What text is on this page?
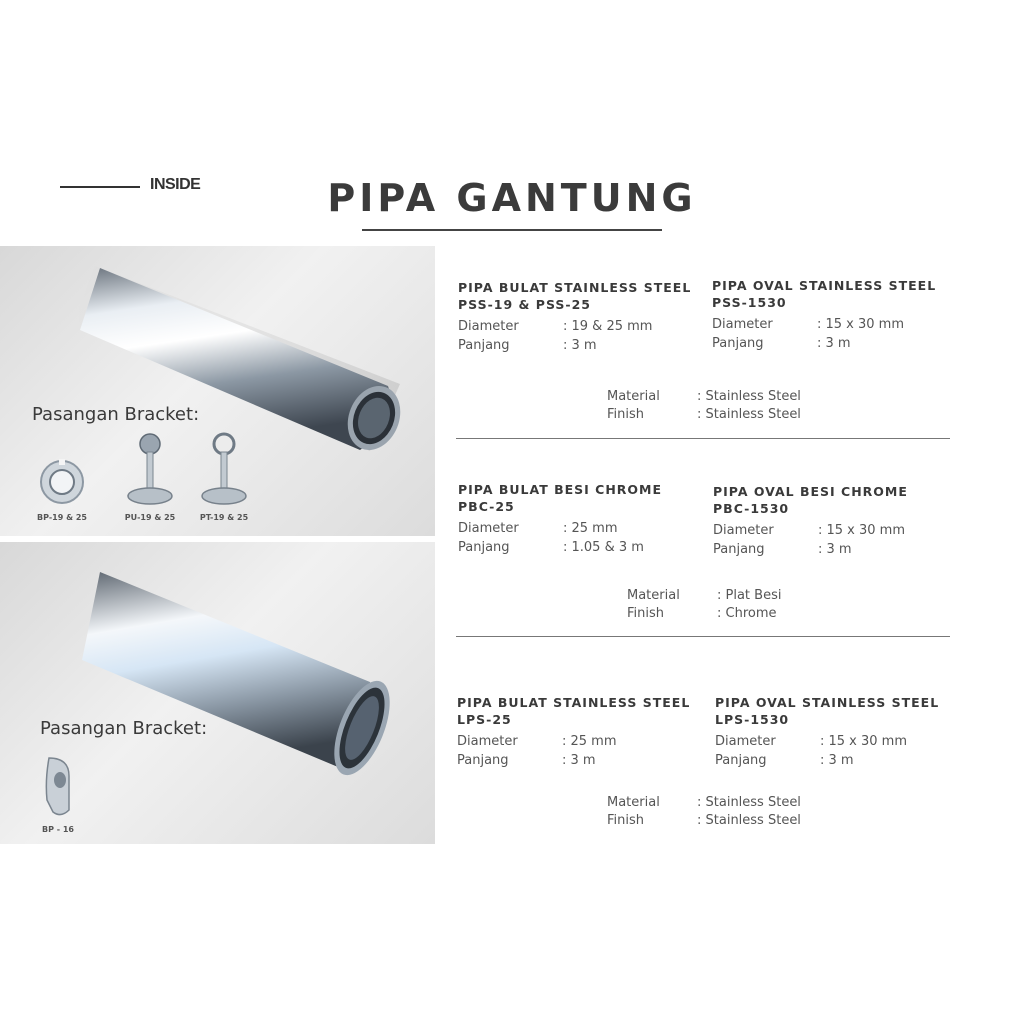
INSIDE	PIPA GANTUNG
Pasangan Bracket:
BP-19 & 25	PU-19 & 25	PT-19 & 25
Pasangan Bracket:
BP - 16
PIPA BULAT STAINLESS STEEL
PSS-19 & PSS-25
Diameter	: 19 & 25 mm
Panjang	: 3 m
PIPA OVAL STAINLESS STEEL
PSS-1530
Diameter	: 15 x 30 mm
Panjang	: 3 m
Material	: Stainless Steel
Finish	: Stainless Steel
PIPA BULAT BESI CHROME
PBC-25
Diameter	: 25 mm
Panjang	: 1.05 & 3 m
PIPA OVAL BESI CHROME
PBC-1530
Diameter	: 15 x 30 mm
Panjang	: 3 m
Material	: Plat Besi
Finish	: Chrome
PIPA BULAT STAINLESS STEEL
LPS-25
Diameter	: 25 mm
Panjang	: 3 m
PIPA OVAL STAINLESS STEEL
LPS-1530
Diameter	: 15 x 30 mm
Panjang	: 3 m
Material	: Stainless Steel
Finish	: Stainless Steel
